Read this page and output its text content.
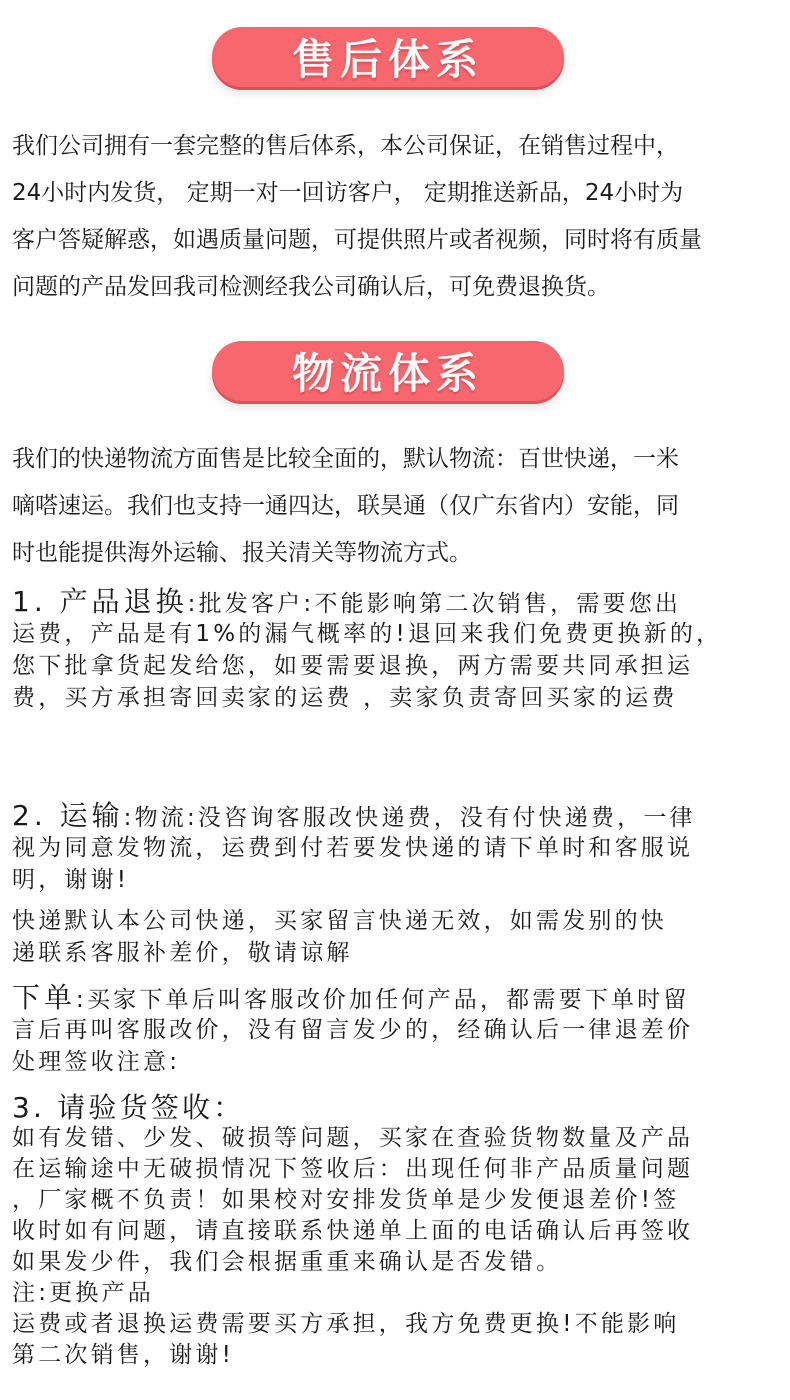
售后体系
我们公司拥有一套完整的售后体系，本公司保证，在销售过程中，
24小时内发货， 定期一对一回访客户， 定期推送新品，24小时为
客户答疑解惑，如遇质量问题，可提供照片或者视频，同时将有质量
问题的产品发回我司检测经我公司确认后，可免费退换货。
物流体系
我们的快递物流方面售是比较全面的，默认物流：百世快递，一米
嘀嗒速运。我们也支持一通四达，联昊通（仅广东省内）安能，同
时也能提供海外运输、报关清关等物流方式。
1. 产品退换:批发客户:不能影响第二次销售，需要您出
运费，产品是有1%的漏气概率的!退回来我们免费更换新的，
您下批拿货起发给您，如要需要退换，两方需要共同承担运
费，买方承担寄回卖家的运费 ，卖家负责寄回买家的运费
2. 运输:物流:没咨询客服改快递费，没有付快递费，一律
视为同意发物流，运费到付若要发快递的请下单时和客服说
明，谢谢!
快递默认本公司快递，买家留言快递无效，如需发别的快
递联系客服补差价，敬请谅解
下单:买家下单后叫客服改价加任何产品，都需要下单时留
言后再叫客服改价，没有留言发少的，经确认后一律退差价
处理签收注意:
3. 请验货签收：
如有发错、少发、破损等问题，买家在查验货物数量及产品
在运输途中无破损情况下签收后：出现任何非产品质量问题
，厂家概不负责！如果校对安排发货单是少发便退差价!签
收时如有问题，请直接联系快递单上面的电话确认后再签收
如果发少件，我们会根据重重来确认是否发错。
注:更换产品
运费或者退换运费需要买方承担，我方免费更换!不能影响
第二次销售，谢谢!
